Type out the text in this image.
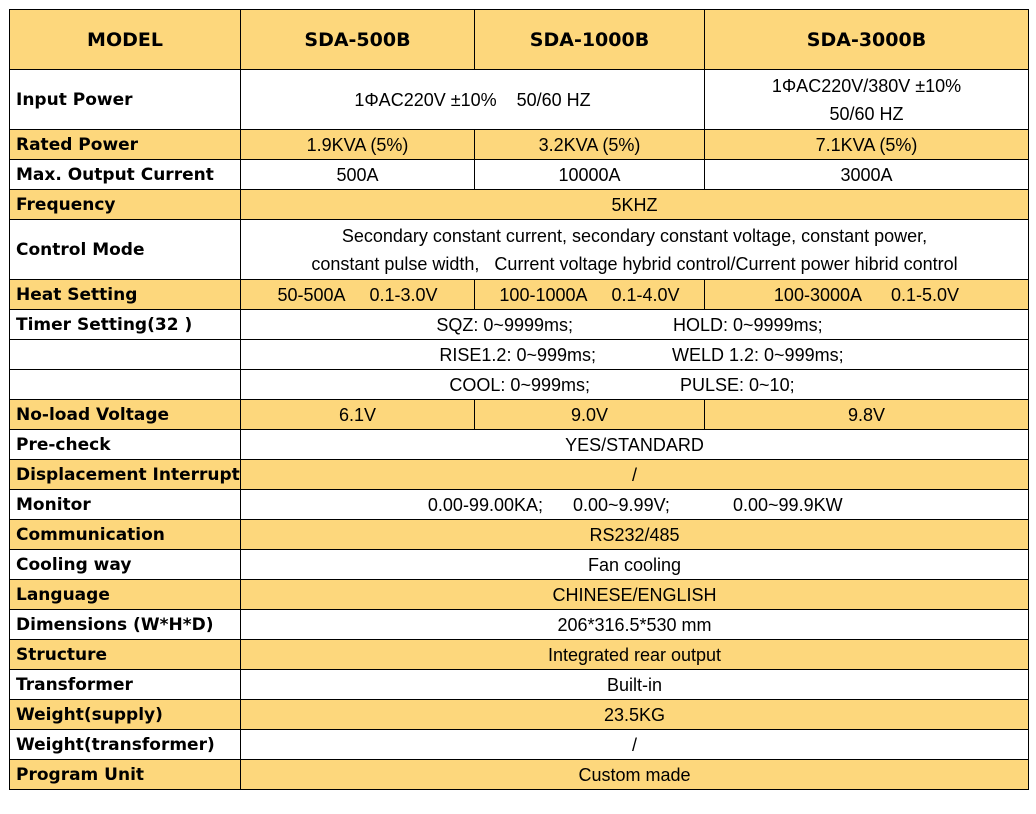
MODEL	SDA-500B	SDA-1000B	SDA-3000B
Input Power	1ΦAC220V ±10%    50/60 HZ		1ΦAC220V/380V ±10%
50/60 HZ

Rated Power	1.9KVA (5%)	3.2KVA (5%)	7.1KVA (5%)
Max. Output Current	500A	10000A	3000A
Frequency	5KHZ		
Control Mode	Secondary constant current, secondary constant voltage, constant power,
constant pulse width,   Current voltage hybrid control/Current power hibrid control		

Heat Setting	50-500A     0.1-3.0V	100-1000A     0.1-4.0V	100-3000A      0.1-5.0V
Timer Setting(32 )	SQZ: 0~9999ms; HOLD: 0~9999ms;		
	RISE1.2: 0~999ms; WELD 1.2: 0~999ms;		
	COOL: 0~999ms; PULSE: 0~10;		
No-load Voltage	6.1V	9.0V	9.8V
Pre-check	YES/STANDARD		
Displacement Interrupt	/		
Monitor	0.00-99.00KA; 0.00~9.99V; 0.00~99.9KW		
Communication	RS232/485		
Cooling way	Fan cooling		
Language	CHINESE/ENGLISH		
Dimensions (W*H*D)	206*316.5*530 mm		
Structure	Integrated rear output		
Transformer	Built-in		
Weight(supply)	23.5KG		
Weight(transformer)	/		
Program Unit	Custom made		
